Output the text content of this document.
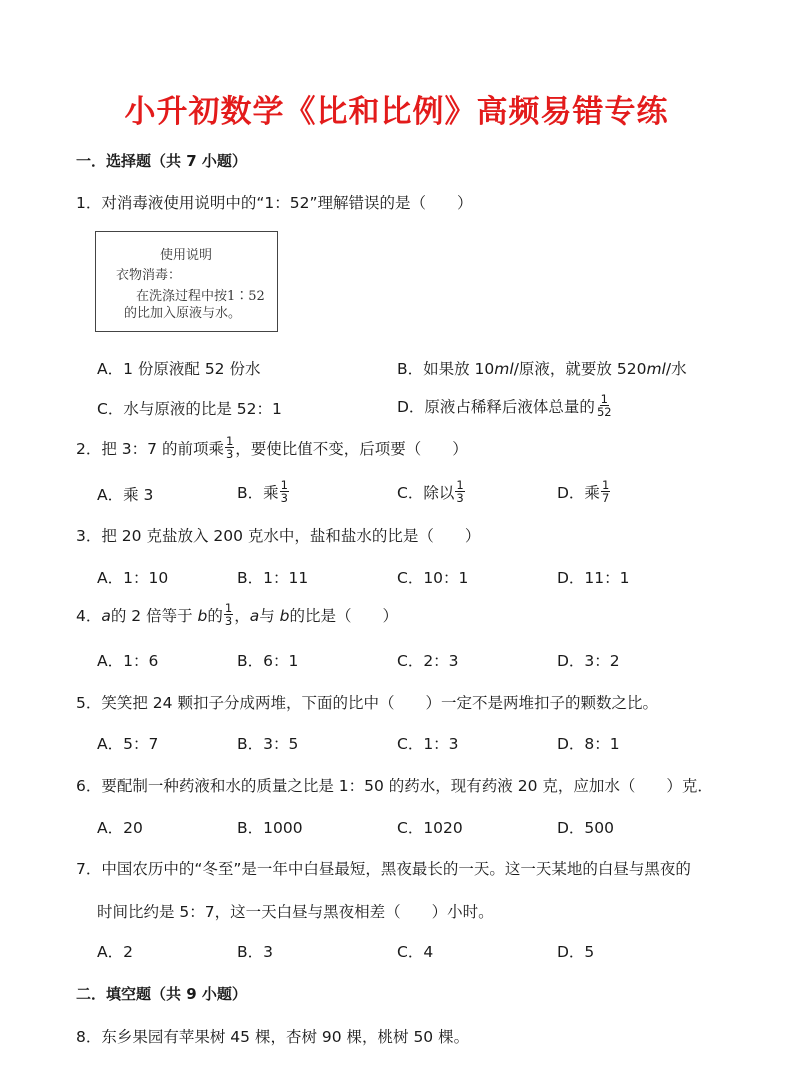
小升初数学《比和比例》高频易错专练
一．选择题（共 7 小题）
1．对消毒液使用说明中的“1：52”理解错误的是（　　）
使用说明
衣物消毒：
在洗涤过程中按1∶52
的比加入原液与水。
A．1 份原液配 52 份水	B．如果放 10ml/原液，就要放 520ml/水
C．水与原液的比是 52：1	D．原液占稀释后液体总量的 $\frac{1}{52}$
2．把 3：7 的前项乘 $\frac{1}{3}$ ，要使比值不变，后项要（　　）
A．乘 3	B．乘 $\frac{1}{3}$	C．除以 $\frac{1}{3}$	D．乘 $\frac{1}{7}$
3．把 20 克盐放入 200 克水中，盐和盐水的比是（　　）
A．1：10	B．1：11	C．10：1	D．11：1
4．a的 2 倍等于 b的 $\frac{1}{3}$ ，a与 b的比是（　　）
A．1：6	B．6：1	C．2：3	D．3：2
5．笑笑把 24 颗扣子分成两堆，下面的比中（　　）一定不是两堆扣子的颗数之比。
A．5：7	B．3：5	C．1：3	D．8：1
6．要配制一种药液和水的质量之比是 1：50 的药水，现有药液 20 克，应加水（　　）克．
A．20	B．1000	C．1020	D．500
7．中国农历中的“冬至”是一年中白昼最短，黑夜最长的一天。这一天某地的白昼与黑夜的
时间比约是 5：7，这一天白昼与黑夜相差（　　）小时。
A．2	B．3	C．4	D．5
二．填空题（共 9 小题）
8．东乡果园有苹果树 45 棵，杏树 90 棵，桃树 50 棵。
